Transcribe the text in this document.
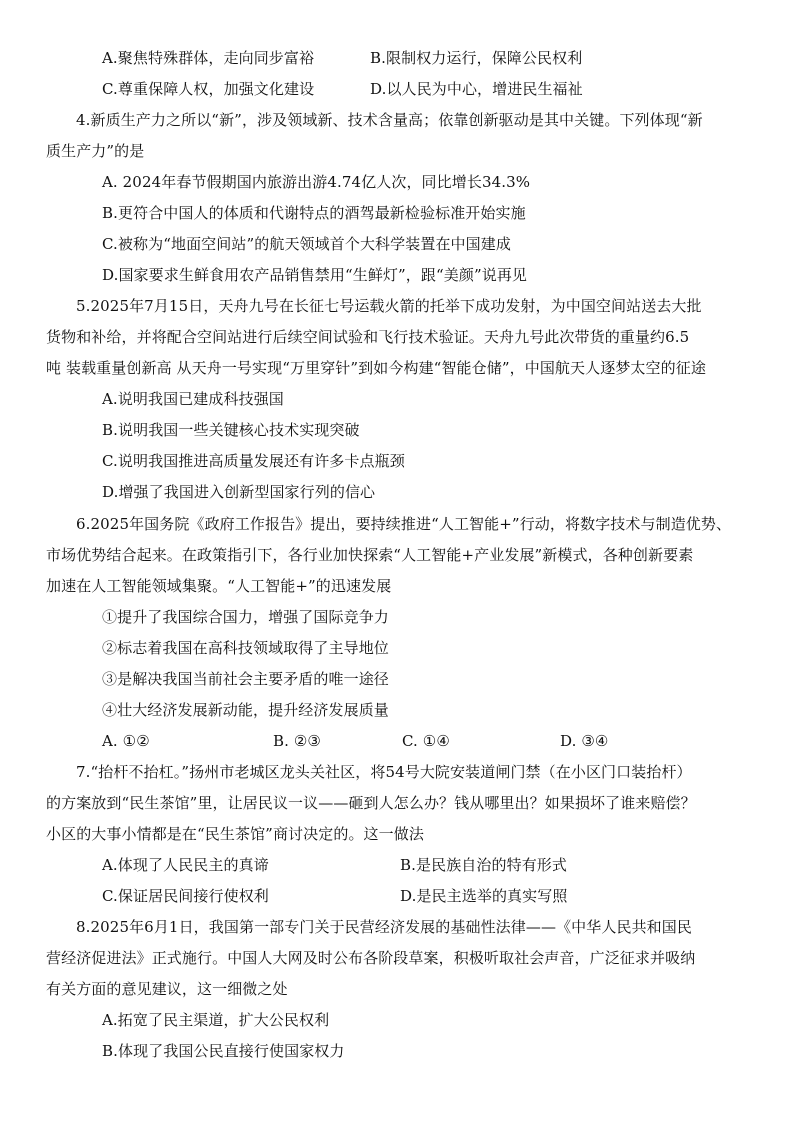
A.聚焦特殊群体，走向同步富裕	B.限制权力运行，保障公民权利
C.尊重保障人权，加强文化建设	D.以人民为中心，增进民生福祉
4.新质生产力之所以“新”，涉及领域新、技术含量高；依靠创新驱动是其中关键。下列体现“新
质生产力”的是
A. 2024年春节假期国内旅游出游4.74亿人次，同比增长34.3%
B.更符合中国人的体质和代谢特点的酒驾最新检验标准开始实施
C.被称为“地面空间站”的航天领域首个大科学装置在中国建成
D.国家要求生鲜食用农产品销售禁用“生鲜灯”，跟“美颜”说再见
5.2025年7月15日，天舟九号在长征七号运载火箭的托举下成功发射，为中国空间站送去大批
货物和补给，并将配合空间站进行后续空间试验和飞行技术验证。天舟九号此次带货的重量约6.5
吨 装载重量创新高 从天舟一号实现“万里穿针”到如今构建“智能仓储”，中国航天人逐梦太空的征途
A.说明我国已建成科技强国
B.说明我国一些关键核心技术实现突破
C.说明我国推进高质量发展还有许多卡点瓶颈
D.增强了我国进入创新型国家行列的信心
6.2025年国务院《政府工作报告》提出，要持续推进“人工智能+”行动，将数字技术与制造优势、
市场优势结合起来。在政策指引下，各行业加快探索“人工智能+产业发展”新模式，各种创新要素
加速在人工智能领域集聚。“人工智能+”的迅速发展
①提升了我国综合国力，增强了国际竞争力
②标志着我国在高科技领域取得了主导地位
③是解决我国当前社会主要矛盾的唯一途径
④壮大经济发展新动能，提升经济发展质量
A. ①②	B. ②③	C. ①④	D. ③④
7.“抬杆不抬杠。”扬州市老城区龙头关社区，将54号大院安装道闸门禁（在小区门口装抬杆）
的方案放到“民生茶馆”里，让居民议一议——砸到人怎么办？钱从哪里出？如果损坏了谁来赔偿？
小区的大事小情都是在“民生茶馆”商讨决定的。这一做法
A.体现了人民民主的真谛	B.是民族自治的特有形式
C.保证居民间接行使权利	D.是民主选举的真实写照
8.2025年6月1日，我国第一部专门关于民营经济发展的基础性法律——《中华人民共和国民
营经济促进法》正式施行。中国人大网及时公布各阶段草案，积极听取社会声音，广泛征求并吸纳
有关方面的意见建议，这一细微之处
A.拓宽了民主渠道，扩大公民权利
B.体现了我国公民直接行使国家权力
